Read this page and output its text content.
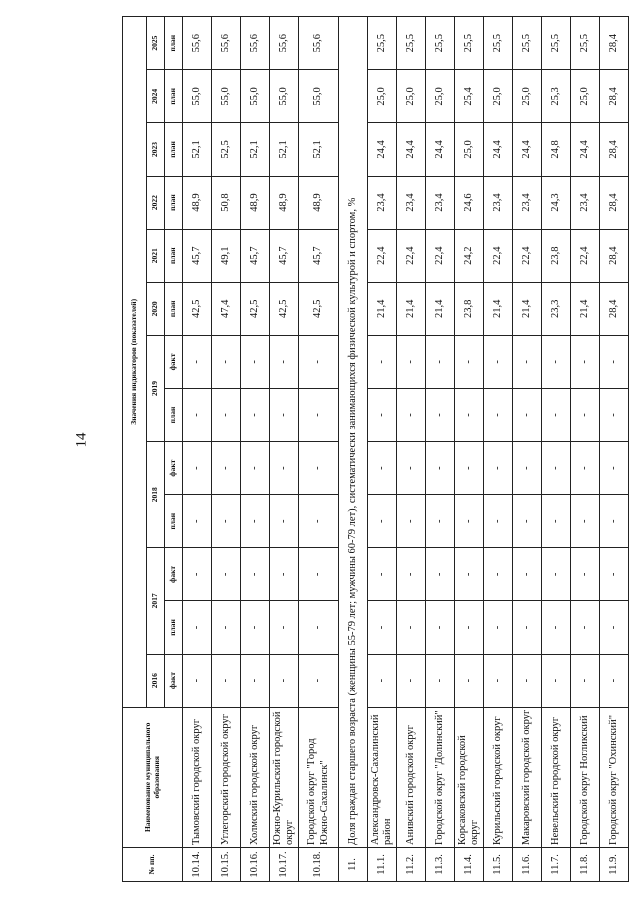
14
№ пп.	Наименование муниципального образования	Значения индикаторов (показателей)												
		2016	2017		2018		2019		2020	2021	2022	2023	2024	2025
		факт	план	факт	план	факт	план	факт	план	план	план	план	план	план
10.14.	Тымовский городской округ	-	-	-	-	-	-	-	42,5	45,7	48,9	52,1	55,0	55,6
10.15.	Углегорский городской округ	-	-	-	-	-	-	-	47,4	49,1	50,8	52,5	55,0	55,6
10.16.	Холмский городской округ	-	-	-	-	-	-	-	42,5	45,7	48,9	52,1	55,0	55,6
10.17.	Южно-Курильский городской округ	-	-	-	-	-	-	-	42,5	45,7	48,9	52,1	55,0	55,6
10.18.	Городской округ "Город Южно-Сахалинск"	-	-	-	-	-	-	-	42,5	45,7	48,9	52,1	55,0	55,6
11.	Доля граждан старшего возраста (женщины 55-79 лет; мужчины 60-79 лет), систематически занимающихся физической культурой и спортом, %													
11.1.	Александровск-Сахалинский район	-	-	-	-	-	-	-	21,4	22,4	23,4	24,4	25,0	25,5
11.2.	Анивский городской округ	-	-	-	-	-	-	-	21,4	22,4	23,4	24,4	25,0	25,5
11.3.	Городской округ "Долинский"	-	-	-	-	-	-	-	21,4	22,4	23,4	24,4	25,0	25,5
11.4.	Корсаковский городской округ	-	-	-	-	-	-	-	23,8	24,2	24,6	25,0	25,4	25,5
11.5.	Курильский городской округ	-	-	-	-	-	-	-	21,4	22,4	23,4	24,4	25,0	25,5
11.6.	Макаровский городской округ	-	-	-	-	-	-	-	21,4	22,4	23,4	24,4	25,0	25,5
11.7.	Невельский городской округ	-	-	-	-	-	-	-	23,3	23,8	24,3	24,8	25,3	25,5
11.8.	Городской округ Ногликский	-	-	-	-	-	-	-	21,4	22,4	23,4	24,4	25,0	25,5
11.9.	Городской округ "Охинский"	-	-	-	-	-	-	-	28,4	28,4	28,4	28,4	28,4	28,4
